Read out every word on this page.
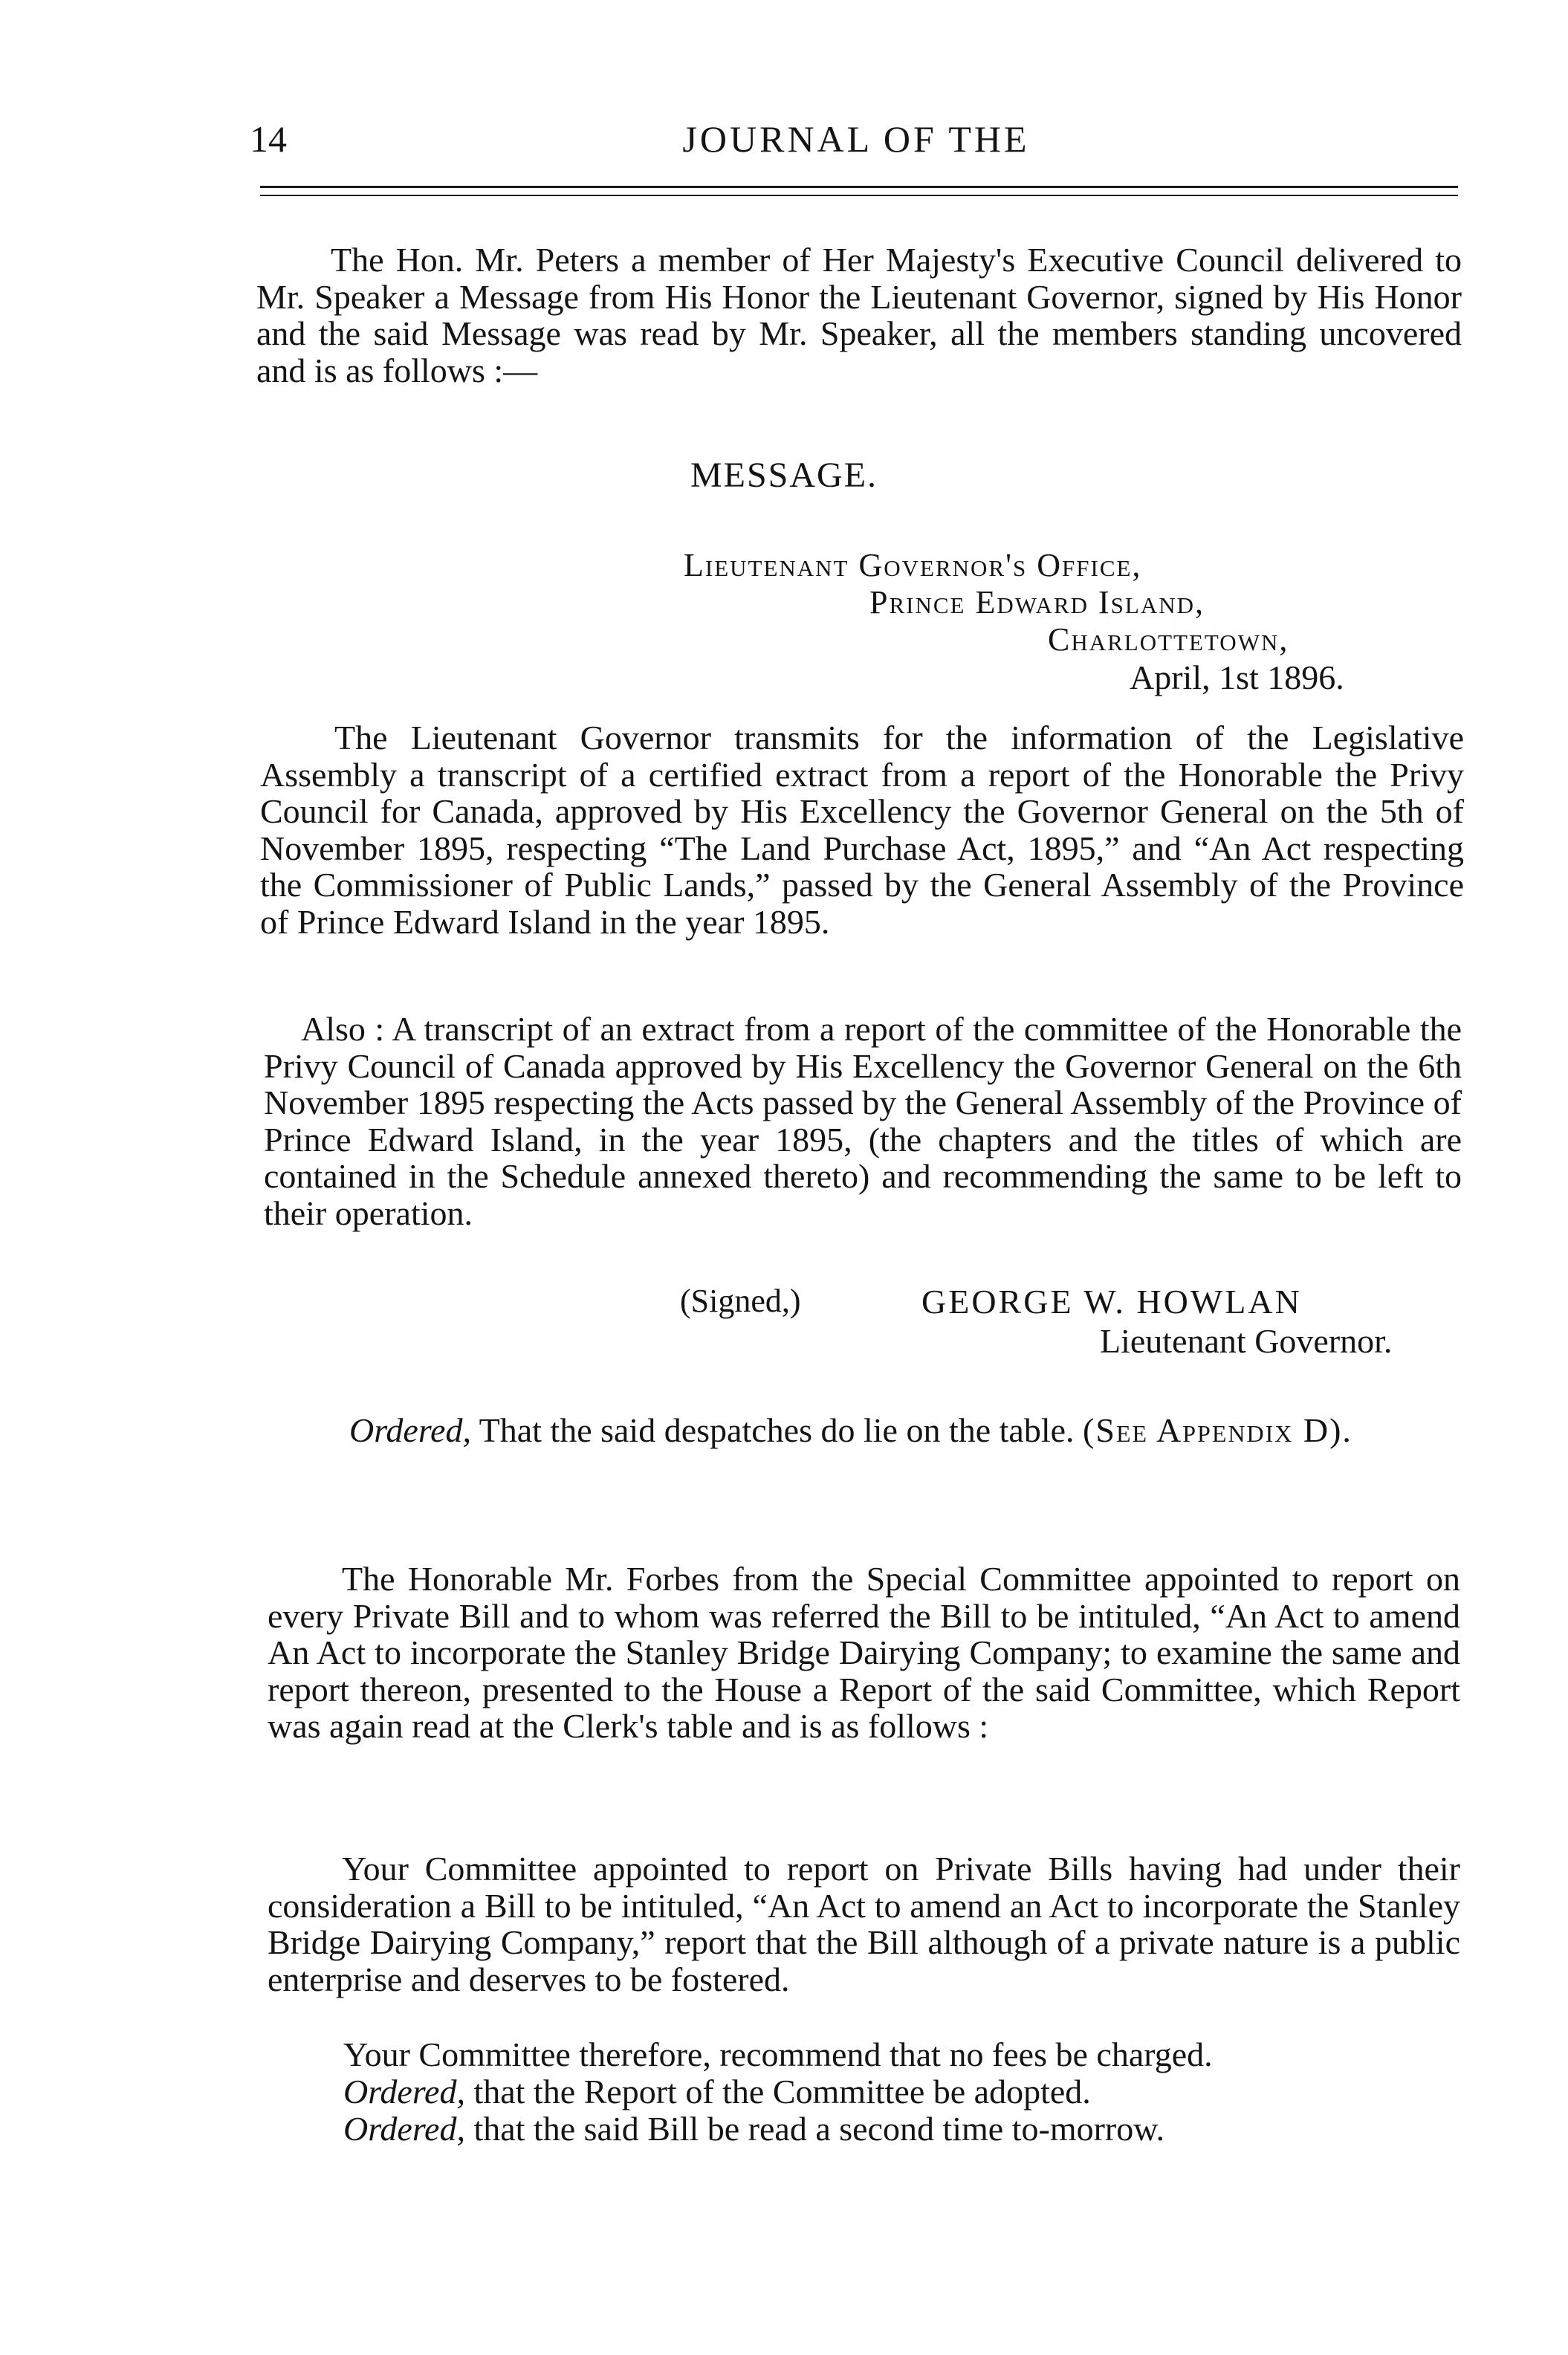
14	JOURNAL OF THE

The Hon. Mr. Peters a member of Her Majesty's Executive Council delivered to Mr. Speaker a Message from His Honor the Lieutenant Governor, signed by His Honor and the said Message was read by Mr. Speaker, all the members standing uncovered and is as follows :—

MESSAGE.
Lieutenant Governor's Office,
Prince Edward Island,
Charlottetown,
April, 1st 1896.

The Lieutenant Governor transmits for the information of the Legislative Assembly a transcript of a certified extract from a report of the Honorable the Privy Council for Canada, approved by His Excellency the Governor General on the 5th of November 1895, respecting “The Land Purchase Act, 1895,” and “An Act respecting the Commissioner of Public Lands,” passed by the General Assembly of the Province of Prince Edward Island in the year 1895.

Also : A transcript of an extract from a report of the committee of the Honorable the Privy Council of Canada approved by His Excellency the Governor General on the 6th November 1895 respecting the Acts passed by the General Assembly of the Province of Prince Edward Island, in the year 1895, (the chapters and the titles of which are contained in the Schedule annexed thereto) and recommending the same to be left to their operation.

(Signed,)	GEORGE W. HOWLAN
Lieutenant Governor.

Ordered, That the said despatches do lie on the table. (See Appendix D).

The Honorable Mr. Forbes from the Special Committee appointed to report on every Private Bill and to whom was referred the Bill to be intituled, “An Act to amend An Act to incorporate the Stanley Bridge Dairying Company; to examine the same and report thereon, presented to the House a Report of the said Committee, which Report was again read at the Clerk's table and is as follows :

Your Committee appointed to report on Private Bills having had under their consideration a Bill to be intituled, “An Act to amend an Act to incorporate the Stanley Bridge Dairying Company,” report that the Bill although of a private nature is a public enterprise and deserves to be fostered.

Your Committee therefore, recommend that no fees be charged.
Ordered, that the Report of the Committee be adopted.
Ordered, that the said Bill be read a second time to-morrow.
